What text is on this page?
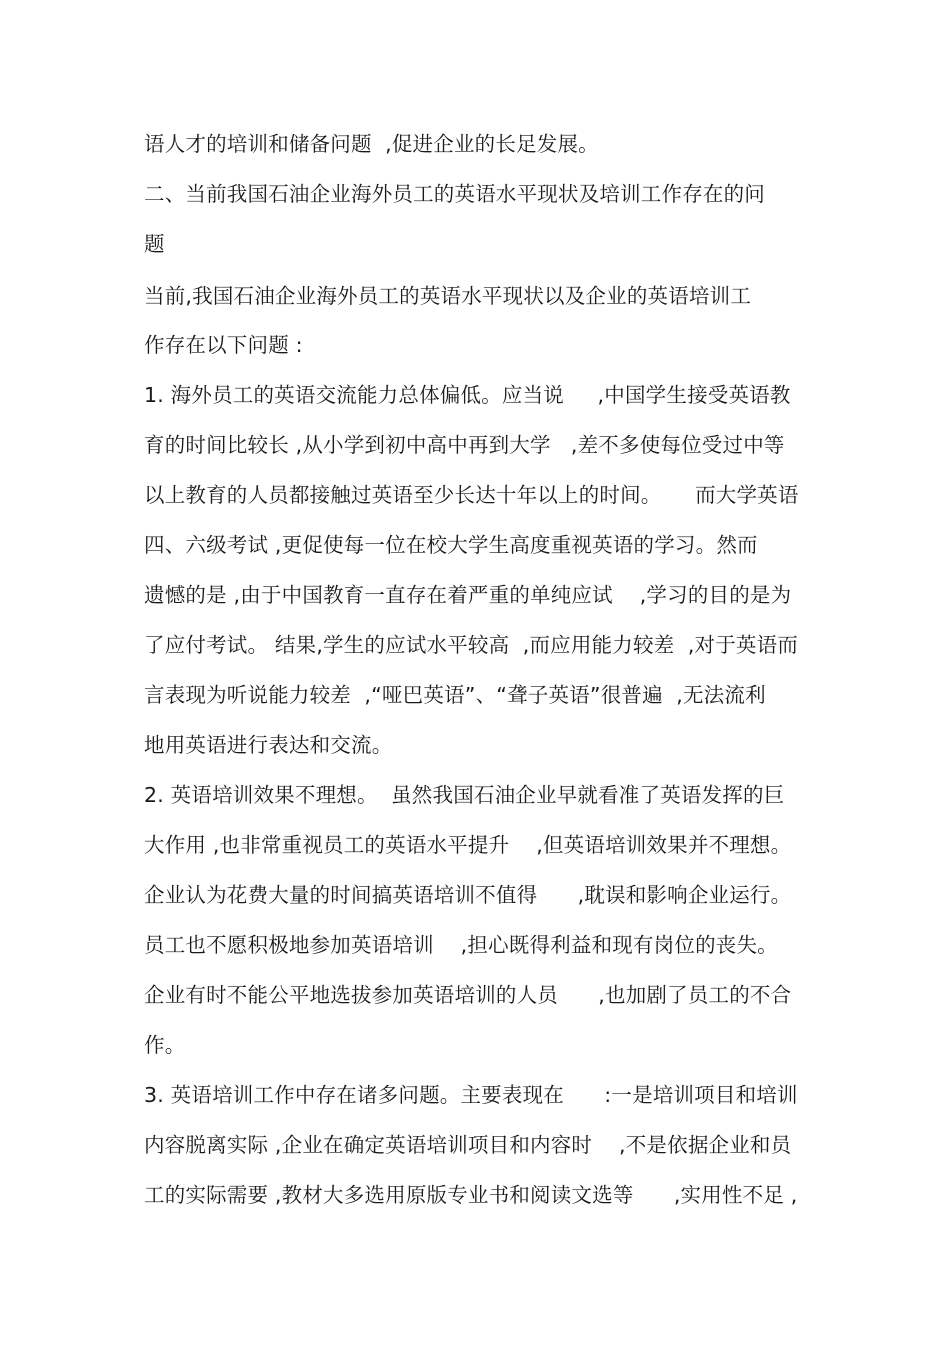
语人才的培训和储备问题  ,促进企业的长足发展。
二、当前我国石油企业海外员工的英语水平现状及培训工作存在的问
题
当前,我国石油企业海外员工的英语水平现状以及企业的英语培训工
作存在以下问题 :
1. 海外员工的英语交流能力总体偏低。应当说     ,中国学生接受英语教
育的时间比较长 ,从小学到初中高中再到大学   ,差不多使每位受过中等
以上教育的人员都接触过英语至少长达十年以上的时间。     而大学英语
四、六级考试 ,更促使每一位在校大学生高度重视英语的学习。然而
遗憾的是 ,由于中国教育一直存在着严重的单纯应试    ,学习的目的是为
了应付考试。 结果,学生的应试水平较高  ,而应用能力较差  ,对于英语而
言表现为听说能力较差  ,“哑巴英语”、“聋子英语”很普遍  ,无法流利
地用英语进行表达和交流。
2. 英语培训效果不理想。  虽然我国石油企业早就看准了英语发挥的巨
大作用 ,也非常重视员工的英语水平提升    ,但英语培训效果并不理想。
企业认为花费大量的时间搞英语培训不值得      ,耽误和影响企业运行。
员工也不愿积极地参加英语培训    ,担心既得利益和现有岗位的丧失。
企业有时不能公平地选拔参加英语培训的人员      ,也加剧了员工的不合
作。
3. 英语培训工作中存在诸多问题。主要表现在      :一是培训项目和培训
内容脱离实际 ,企业在确定英语培训项目和内容时    ,不是依据企业和员
工的实际需要 ,教材大多选用原版专业书和阅读文选等      ,实用性不足 ,
